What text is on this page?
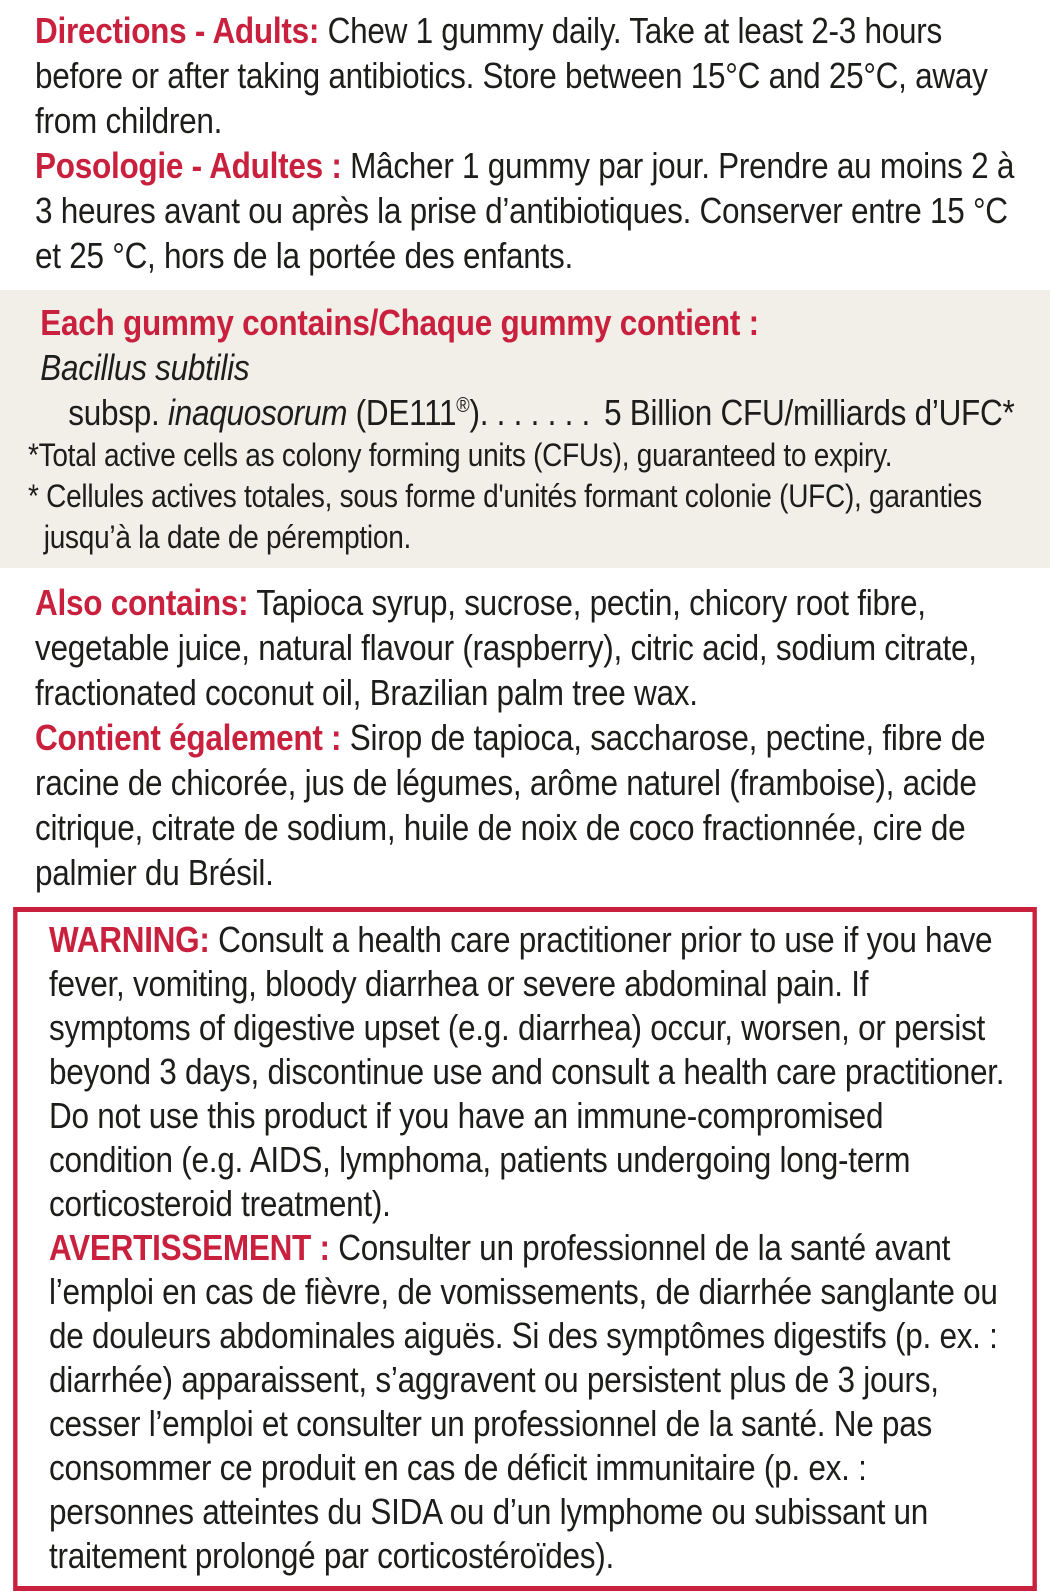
Directions - Adults: Chew 1 gummy daily. Take at least 2-3 hours before or after taking antibiotics. Store between 15°C and 25°C, away from children.

Posologie - Adultes : Mâcher 1 gummy par jour. Prendre au moins 2 à 3 heures avant ou après la prise d’antibiotiques. Conserver entre 15 °C et 25 °C, hors de la portée des enfants.

Each gummy contains/Chaque gummy contient :

Bacillus subtilis

subsp. inaquosorum (DE111®). . . . . . . 5 Billion CFU/milliards d’UFC*

*Total active cells as colony forming units (CFUs), guaranteed to expiry.

* Cellules actives totales, sous forme d'unités formant colonie (UFC), garanties jusqu’à la date de péremption.

Also contains: Tapioca syrup, sucrose, pectin, chicory root fibre, vegetable juice, natural flavour (raspberry), citric acid, sodium citrate, fractionated coconut oil, Brazilian palm tree wax.

Contient également : Sirop de tapioca, saccharose, pectine, fibre de racine de chicorée, jus de légumes, arôme naturel (framboise), acide citrique, citrate de sodium, huile de noix de coco fractionnée, cire de palmier du Brésil.

WARNING: Consult a health care practitioner prior to use if you have fever, vomiting, bloody diarrhea or severe abdominal pain. If symptoms of digestive upset (e.g. diarrhea) occur, worsen, or persist beyond 3 days, discontinue use and consult a health care practitioner. Do not use this product if you have an immune-compromised condition (e.g. AIDS, lymphoma, patients undergoing long-term corticosteroid treatment).

AVERTISSEMENT : Consulter un professionnel de la santé avant l’emploi en cas de fièvre, de vomissements, de diarrhée sanglante ou de douleurs abdominales aiguës. Si des symptômes digestifs (p. ex. : diarrhée) apparaissent, s’aggravent ou persistent plus de 3 jours, cesser l’emploi et consulter un professionnel de la santé. Ne pas consommer ce produit en cas de déficit immunitaire (p. ex. : personnes atteintes du SIDA ou d’un lymphome ou subissant un traitement prolongé par corticostéroïdes).
